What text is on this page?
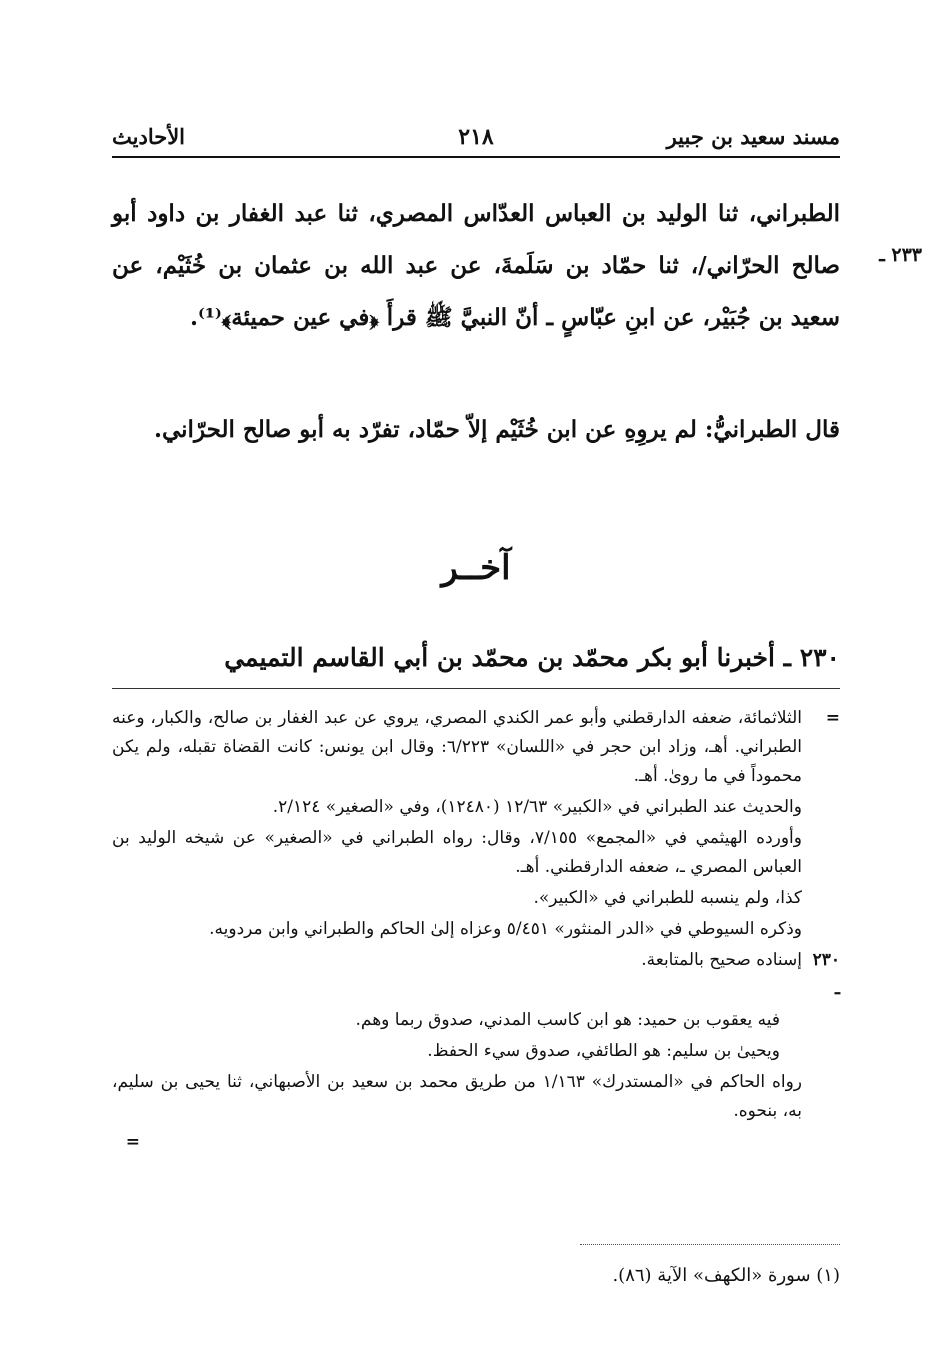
مسند سعيد بن جبير
٢١٨
الأحاديث
٢٣٣ ـ
الطبراني، ثنا الوليد بن العباس العدّاس المصري، ثنا عبد الغفار بن داود أبو صالح الحرّاني/، ثنا حمّاد بن سَلَمةَ، عن عبد الله بن عثمان بن خُثَيْم، عن سعيد بن جُبَيْر، عن ابنِ عبّاسٍ ـ أنّ النبيَّ ﷺ قرأَ ﴿في عين حميئة﴾⁽¹⁾.
قال الطبرانيُّ: لم يروِهِ عن ابن خُثَيْم إلاّ حمّاد، تفرّد به أبو صالح الحرّاني.
آخــر
٢٣٠ ـ أخبرنا أبو بكر محمّد بن محمّد بن أبي القاسم التميمي
=
الثلاثمائة، ضعفه الدارقطني وأبو عمر الكندي المصري، يروي عن عبد الغفار بن صالح، والكبار، وعنه الطبراني. أهـ، وزاد ابن حجر في «اللسان» ٦/٢٢٣: وقال ابن يونس: كانت القضاة تقبله، ولم يكن محموداً في ما روىٰ. أهـ.
والحديث عند الطبراني في «الكبير» ١٢/٦٣ (١٢٤٨٠)، وفي «الصغير» ٢/١٢٤.
وأورده الهيثمي في «المجمع» ٧/١٥٥، وقال: رواه الطبراني في «الصغير» عن شيخه الوليد بن العباس المصري ـ، ضعفه الدارقطني. أهـ.
كذا، ولم ينسبه للطبراني في «الكبير».
وذكره السيوطي في «الدر المنثور» ٥/٤٥١ وعزاه إلىٰ الحاكم والطبراني وابن مردويه.
٢٣٠ ـ
إسناده صحيح بالمتابعة.
فيه يعقوب بن حميد: هو ابن كاسب المدني، صدوق ربما وهم.
ويحيىٰ بن سليم: هو الطائفي، صدوق سيء الحفظ.
رواه الحاكم في «المستدرك» ١/١٦٣ من طريق محمد بن سعيد بن الأصبهاني، ثنا يحيى بن سليم، به، بنحوه.
=
(١) سورة «الكهف» الآية (٨٦).
